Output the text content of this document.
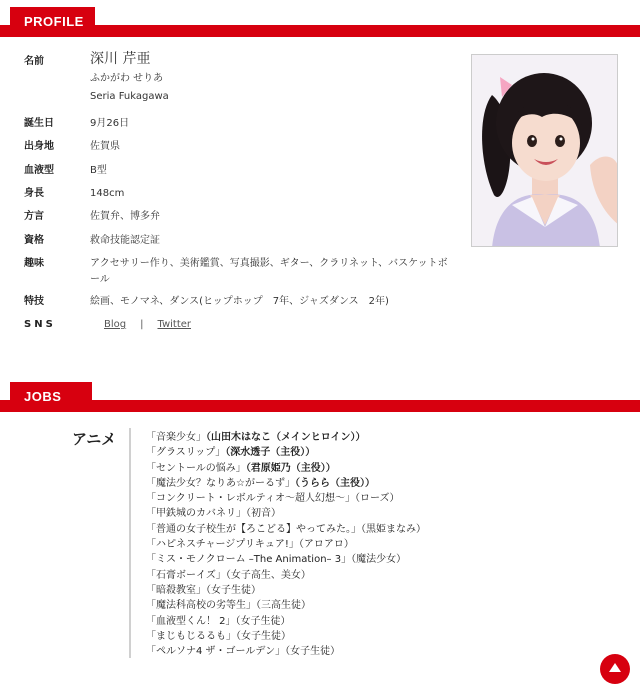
PROFILE
名前	深川 芹亜
ふかがわ せりあ
Seria Fukagawa
誕生日	9月26日
出身地	佐賀県
血液型	B型
身長	148cm
方言	佐賀弁、博多弁
資格	救命技能認定証
趣味	アクセサリー作り、美術鑑賞、写真撮影、ギター、クラリネット、バスケットボール
特技	絵画、モノマネ、ダンス(ヒップホップ　7年、ジャズダンス　2年)
SNS	Blog | Twitter
JOBS
アニメ	「音楽少女」（山田木はなこ（メインヒロイン））
「グラスリップ」（深水透子（主役））
「セントールの悩み」（君原姫乃（主役））
「魔法少女？なりあ☆がーるず」（うらら（主役））
「コンクリート・レボルティオ～超人幻想～」（ローズ）
「甲鉄城のカバネリ」（初音）
「普通の女子校生が【ろこどる】やってみた。」（黒姫まなみ）
「ハピネスチャージプリキュア!」（アロアロ）
「ミス・モノクローム –The Animation– 3」（魔法少女）
「石膏ボーイズ」（女子高生、美女）
「暗殺教室」（女子生徒）
「魔法科高校の劣等生」（三高生徒）
「血液型くん！ 2」（女子生徒）
「まじもじるるも」（女子生徒）
「ペルソナ4 ザ・ゴールデン」（女子生徒）
